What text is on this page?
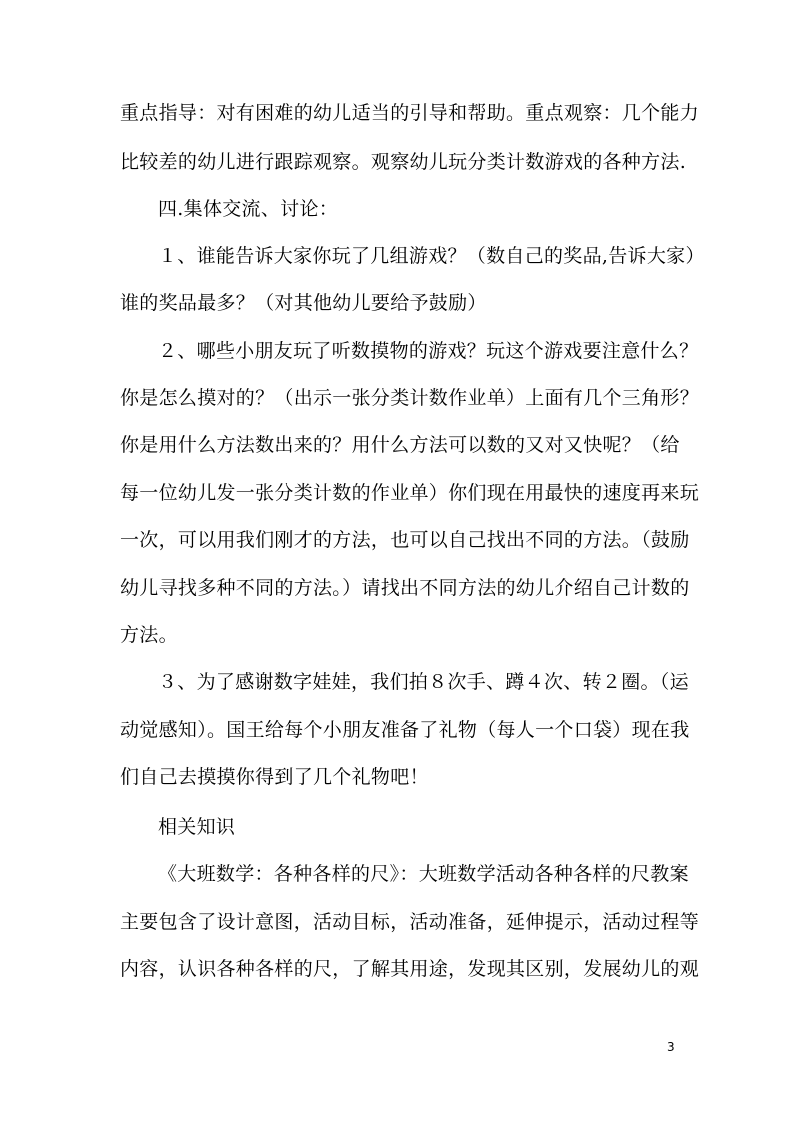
重点指导：对有困难的幼儿适当的引导和帮助。重点观察：几个能力
比较差的幼儿进行跟踪观察。观察幼儿玩分类计数游戏的各种方法.
四.集体交流、讨论：
１、谁能告诉大家你玩了几组游戏？（数自己的奖品,告诉大家）
谁的奖品最多？（对其他幼儿要给予鼓励）
２、哪些小朋友玩了听数摸物的游戏？玩这个游戏要注意什么？
你是怎么摸对的？（出示一张分类计数作业单）上面有几个三角形？
你是用什么方法数出来的？用什么方法可以数的又对又快呢？（给
每一位幼儿发一张分类计数的作业单）你们现在用最快的速度再来玩
一次，可以用我们刚才的方法，也可以自己找出不同的方法。（鼓励
幼儿寻找多种不同的方法。）请找出不同方法的幼儿介绍自己计数的
方法。
３、为了感谢数字娃娃，我们拍８次手、蹲４次、转２圈。（运
动觉感知）。国王给每个小朋友准备了礼物（每人一个口袋）现在我
们自己去摸摸你得到了几个礼物吧！
相关知识
《大班数学：各种各样的尺》：大班数学活动各种各样的尺教案
主要包含了设计意图，活动目标，活动准备，延伸提示，活动过程等
内容，认识各种各样的尺，了解其用途，发现其区别，发展幼儿的观
3
